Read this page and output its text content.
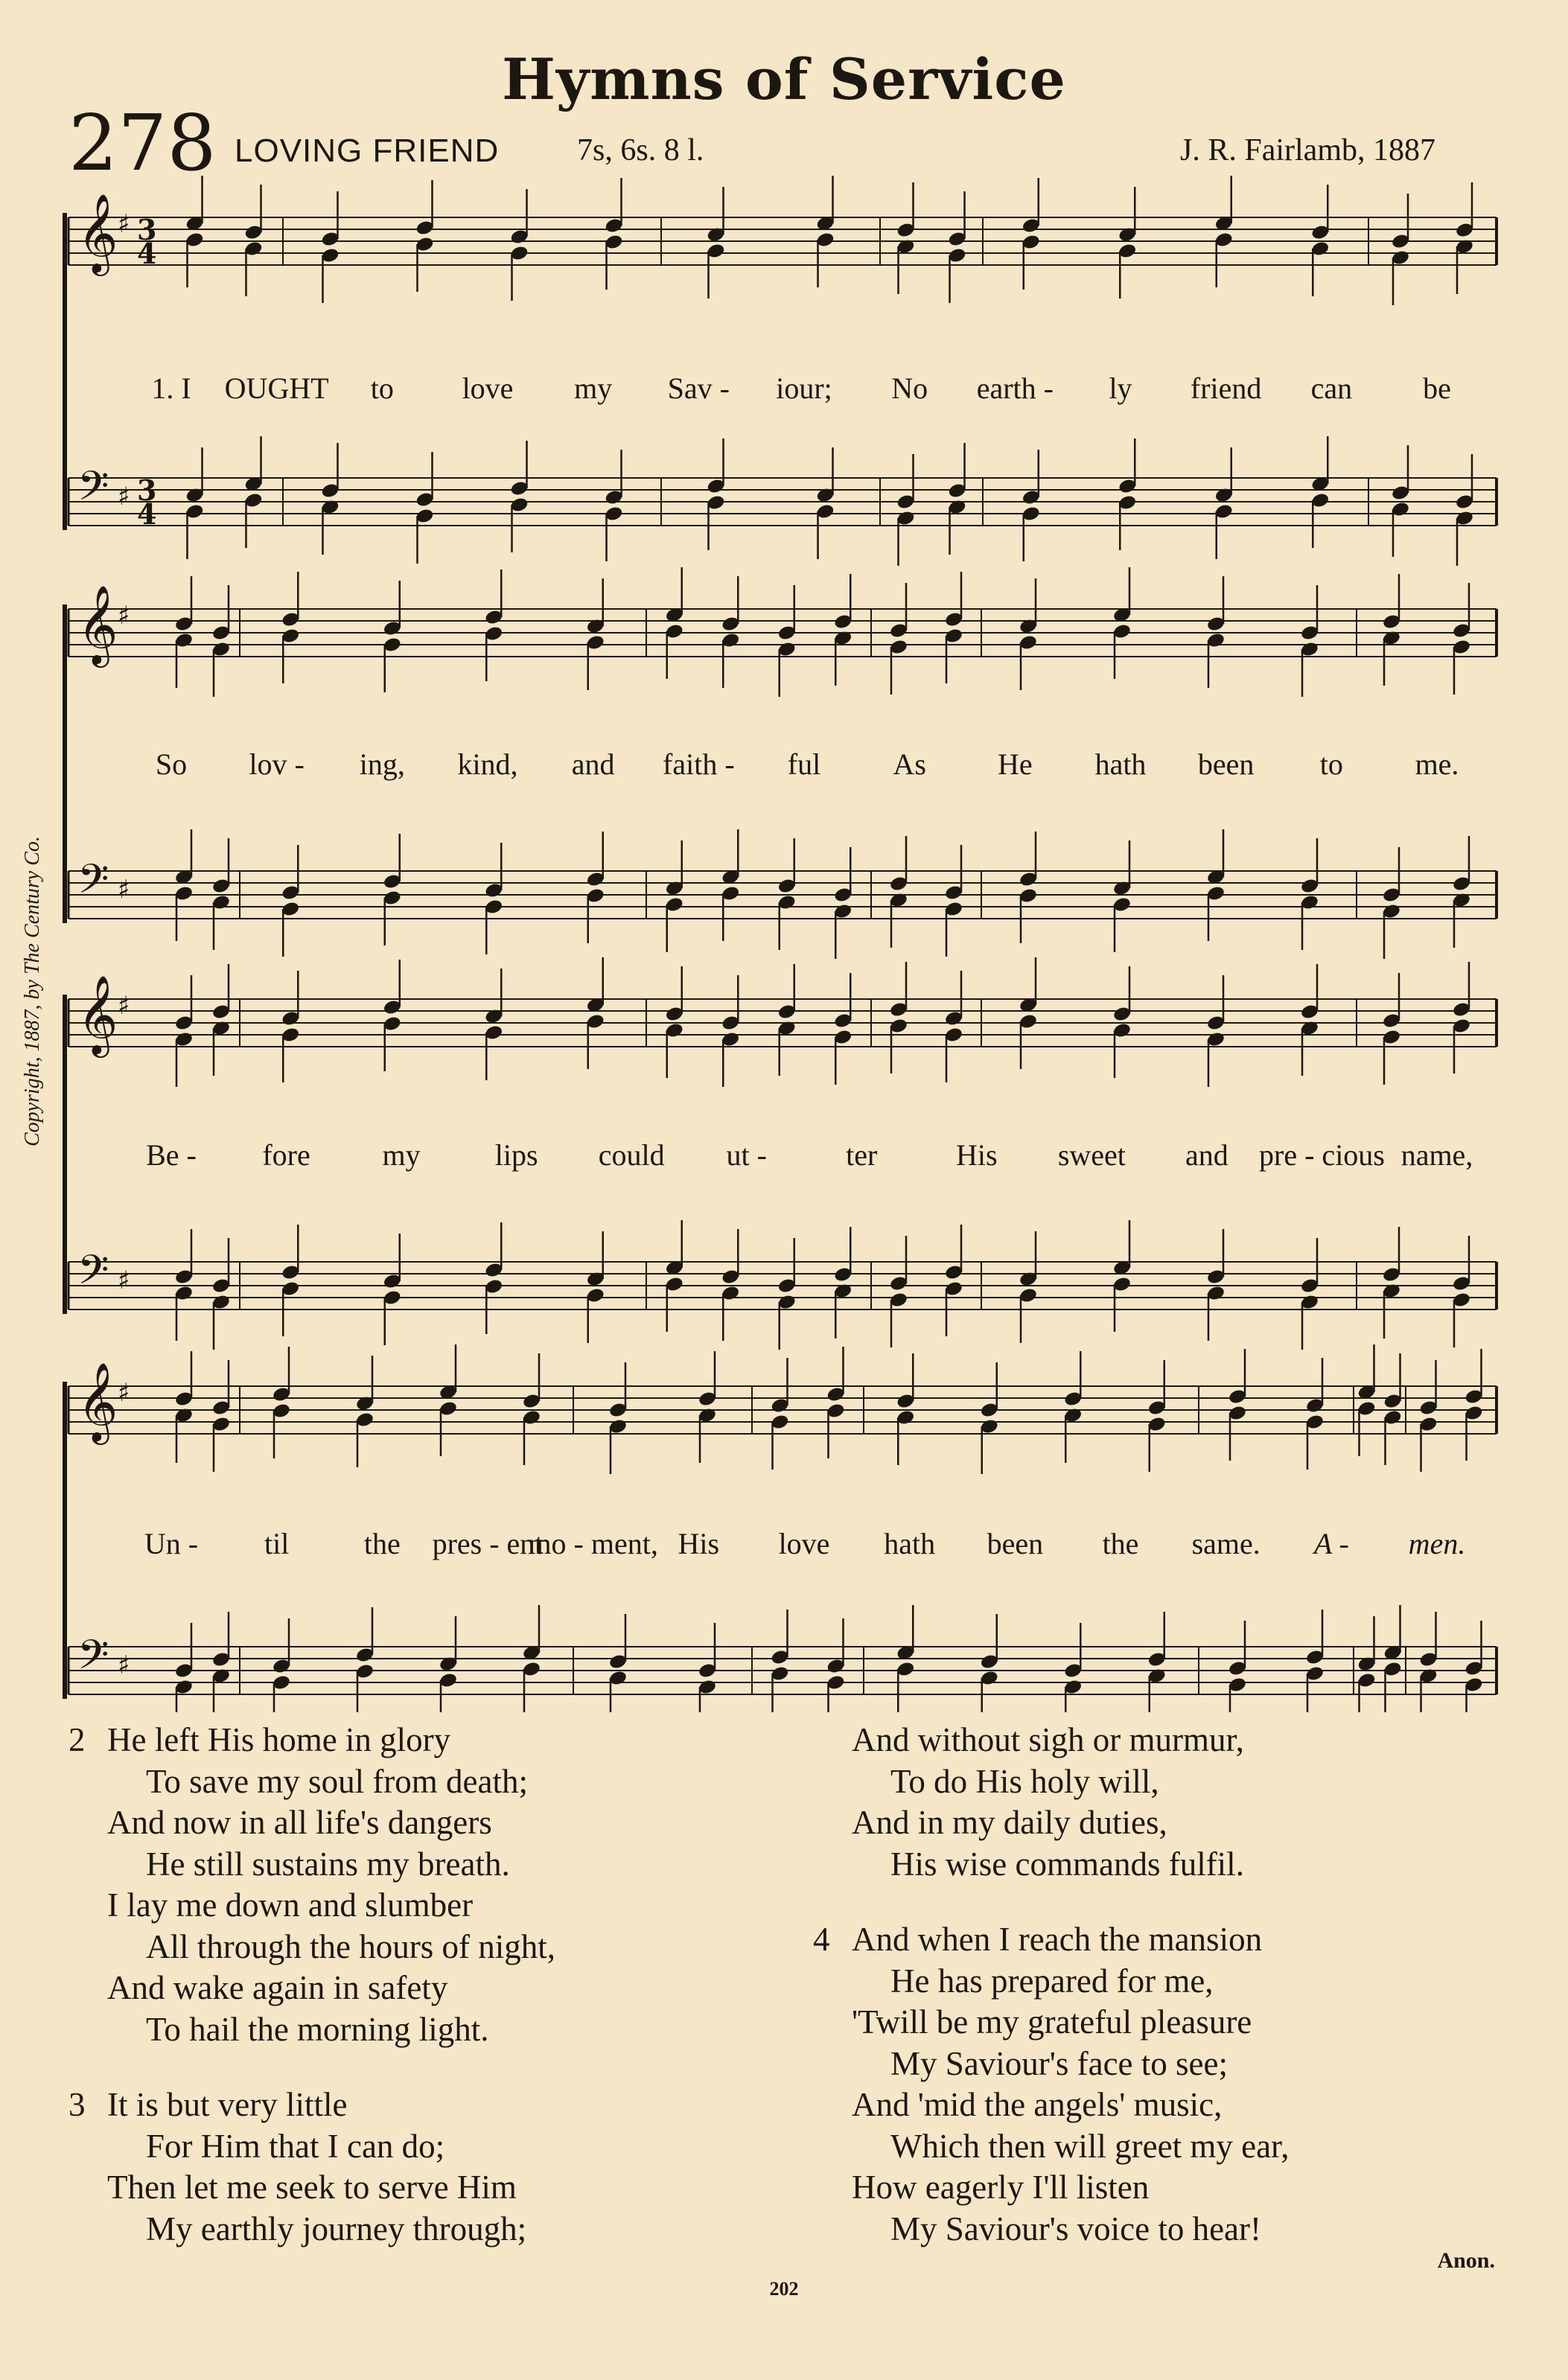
Hymns of Service
278 LOVING FRIEND 7s, 6s. 8 l.	J. R. Fairlamb, 1887
Copyright, 1887, by The Century Co.
𝄞 ♯ 3
4
𝄢 ♯ 3
4
𝄞 ♯
𝄢 ♯
𝄞 ♯
𝄢 ♯
𝄞 ♯
𝄢 ♯
1. I OUGHT to love my Sav - iour; No earth - ly friend can be
So lov - ing, kind, and faith - ful As He hath been to me.
Be - fore my	lips could ut -	ter	His sweet and pre - cious name,
Un - til	the pres - ent
mo - ment, His love hath been the same. A - men.
2 He left His home in glory
To save my soul from death;
And now in all life's dangers
He still sustains my breath.
I lay me down and slumber
All through the hours of night,
And wake again in safety
To hail the morning light.
3 It is but very little
For Him that I can do;
Then let me seek to serve Him
My earthly journey through;
And without sigh or murmur,
To do His holy will,
And in my daily duties,
His wise commands fulfil.
4 And when I reach the mansion
He has prepared for me,
'Twill be my grateful pleasure
My Saviour's face to see;
And 'mid the angels' music,
Which then will greet my ear,
How eagerly I'll listen
My Saviour's voice to hear!
Anon.
202
